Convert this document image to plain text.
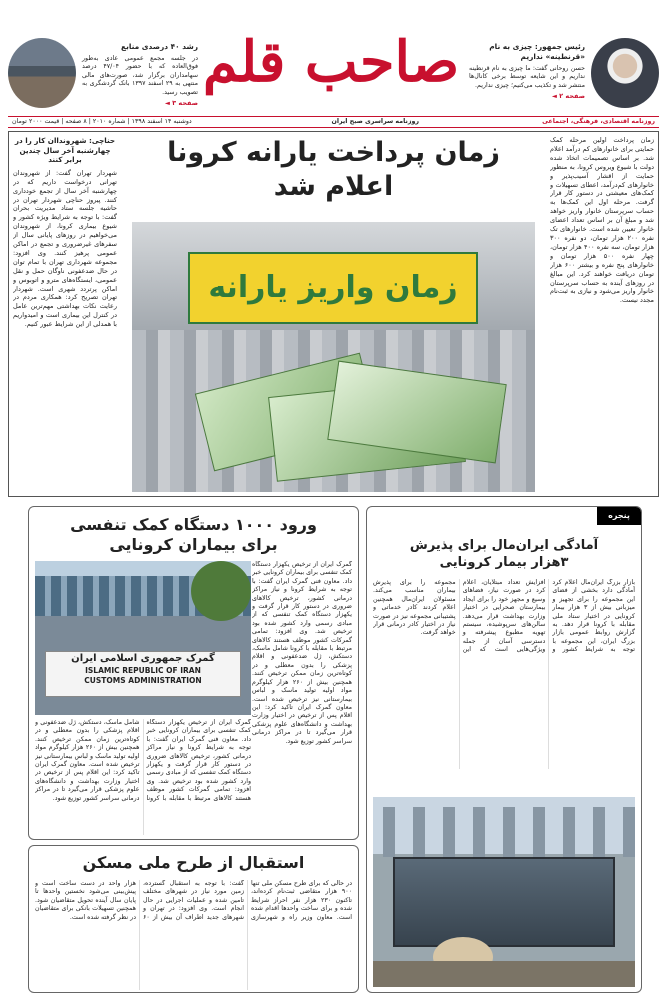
رئیس جمهور: چیزی به نام «قرنطینه» نداریم
حسن روحانی گفت: ما چیزی به نام قرنطینه نداریم و این شایعه توسط برخی کانال‌ها منتشر شد و تکذیب می‌کنیم؛ چیزی نداریم.
صفحه ۲ ◄
صاحب قلم
رشد ۴۰ درصدی منابع
در جلسه مجمع عمومی عادی به‌طور فوق‌العاده که با حضور ۴۷/۰۴ درصد سهامداران برگزار شد، صورت‌های مالی منتهی به ۲۹ اسفند ۱۳۹۷ بانک گردشگری به تصویب رسید.
صفحه ۳ ◄
روزنامه اقتصادی، فرهنگی، اجتماعی
روزنامه سراسری صبح ایران
دوشنبه ۱۴ اسفند ۱۳۹۸ | شماره ۲۰۱۰ | ۸ صفحه | قیمت ۲۰۰۰ تومان
زمان پرداخت اولین مرحله کمک حمایتی برای خانوارهای کم درآمد اعلام شد. بر اساس تصمیمات اتخاذ شده دولت با شیوع ویروس کرونا، به منظور حمایت از اقشار آسیب‌پذیر و خانوارهای کم‌درآمد، اعطای تسهیلات و کمک‌های معیشتی در دستور کار قرار گرفت. مرحله اول این کمک‌ها به حساب سرپرستان خانوار واریز خواهد شد و مبلغ آن بر اساس تعداد اعضای خانوار تعیین شده است. خانوارهای تک نفره ۲۰۰ هزار تومان، دو نفره ۳۰۰ هزار تومان، سه نفره ۴۰۰ هزار تومان، چهار نفره ۵۰۰ هزار تومان و خانوارهای پنج نفره و بیشتر ۶۰۰ هزار تومان دریافت خواهند کرد. این مبالغ در روزهای آینده به حساب سرپرستان خانوار واریز می‌شود و نیازی به ثبت‌نام مجدد نیست.
حناچی: شهرونداان کار را در چهارشنبه آخر سال چندین برابر کنند
شهردار تهران گفت: از شهروندان تهرانی درخواست داریم که در چهارشنبه آخر سال از تجمع خودداری کنند. پیروز حناچی شهردار تهران در حاشیه جلسه ستاد مدیریت بحران گفت: با توجه به شرایط ویژه کشور و شیوع بیماری کرونا، از شهروندان می‌خواهیم در روزهای پایانی سال از سفرهای غیرضروری و تجمع در اماکن عمومی پرهیز کنند. وی افزود: مجموعه شهرداری تهران با تمام توان در حال ضدعفونی ناوگان حمل و نقل عمومی، ایستگاه‌های مترو و اتوبوس و اماکن پرتردد شهری است. شهردار تهران تصریح کرد: همکاری مردم در رعایت نکات بهداشتی مهم‌ترین عامل در کنترل این بیماری است و امیدواریم با همدلی از این شرایط عبور کنیم.
زمان پرداخت یارانه کرونا
اعلام شد
زمان واریز یارانه
ورود ۱۰۰۰ دستگاه کمک تنفسی
برای بیماران کرونایی
گمرک جمهوری اسلامی ایران
ISLAMIC REPUBLIC OF IRAN
CUSTOMS ADMINISTRATION
گمرک ایران از ترخیص یکهزار دستگاه کمک تنفسی برای بیماران کرونایی خبر داد. معاون فنی گمرک ایران گفت: با توجه به شرایط کرونا و نیاز مراکز درمانی کشور، ترخیص کالاهای ضروری در دستور کار قرار گرفت و یکهزار دستگاه کمک تنفسی که از مبادی رسمی وارد کشور شده بود ترخیص شد. وی افزود: تمامی گمرکات کشور موظف هستند کالاهای مرتبط با مقابله با کرونا شامل ماسک، دستکش، ژل ضدعفونی و اقلام پزشکی را بدون معطلی و در کوتاه‌ترین زمان ممکن ترخیص کنند. همچنین بیش از ۲۶۰ هزار کیلوگرم مواد اولیه تولید ماسک و لباس بیمارستانی نیز ترخیص شده است. معاون گمرک ایران تاکید کرد: این اقلام پس از ترخیص در اختیار وزارت بهداشت و دانشگاه‌های علوم پزشکی قرار می‌گیرد تا در مراکز درمانی سراسر کشور توزیع شود.
گمرک ایران از ترخیص یکهزار دستگاه کمک تنفسی برای بیماران کرونایی خبر داد. معاون فنی گمرک ایران گفت: با توجه به شرایط کرونا و نیاز مراکز درمانی کشور، ترخیص کالاهای ضروری در دستور کار قرار گرفت و یکهزار دستگاه کمک تنفسی که از مبادی رسمی وارد کشور شده بود ترخیص شد. وی افزود: تمامی گمرکات کشور موظف هستند کالاهای مرتبط با مقابله با کرونا شامل ماسک، دستکش، ژل ضدعفونی و اقلام پزشکی را بدون معطلی و در کوتاه‌ترین زمان ممکن ترخیص کنند. همچنین بیش از ۲۶۰ هزار کیلوگرم مواد اولیه تولید ماسک و لباس بیمارستانی نیز ترخیص شده است. معاون گمرک ایران تاکید کرد: این اقلام پس از ترخیص در اختیار وزارت بهداشت و دانشگاه‌های علوم پزشکی قرار می‌گیرد تا در مراکز درمانی سراسر کشور توزیع شود.
استقبال از طرح ملی مسکن
در حالی که برای طرح مسکن ملی تنها ۹۰۰ هزار متقاضی ثبت‌نام کرده‌اند، تاکنون ۲۳۰ هزار نفر احراز شرایط شده و برای ساخت واحدها اقدام شده است. معاون وزیر راه و شهرسازی گفت: با توجه به استقبال گسترده، زمین مورد نیاز در شهرهای مختلف تامین شده و عملیات اجرایی در حال انجام است. وی افزود: در تهران و شهرهای جدید اطراف آن بیش از ۶۰ هزار واحد در دست ساخت است و پیش‌بینی می‌شود نخستین واحدها تا پایان سال آینده تحویل متقاضیان شود. همچنین تسهیلات بانکی برای متقاضیان در نظر گرفته شده است.
پنجره
آمادگی ایران‌مال برای پذیرش
۳هزار بیمار کرونایی
بازار بزرگ ایران‌مال اعلام کرد آمادگی دارد بخشی از فضای این مجموعه را برای تجهیز و میزبانی بیش از ۳ هزار بیمار کرونایی در اختیار ستاد ملی مقابله با کرونا قرار دهد. به گزارش روابط عمومی بازار بزرگ ایران، این مجموعه با توجه به شرایط کشور و افزایش تعداد مبتلایان، اعلام کرد در صورت نیاز، فضاهای وسیع و مجهز خود را برای ایجاد بیمارستان صحرایی در اختیار وزارت بهداشت قرار می‌دهد. سالن‌های سرپوشیده، سیستم تهویه مطبوع پیشرفته و دسترسی آسان از جمله ویژگی‌هایی است که این مجموعه را برای پذیرش بیماران مناسب می‌کند. مسئولان ایران‌مال همچنین اعلام کردند کادر خدماتی و پشتیبانی مجموعه نیز در صورت نیاز در اختیار کادر درمانی قرار خواهد گرفت.
